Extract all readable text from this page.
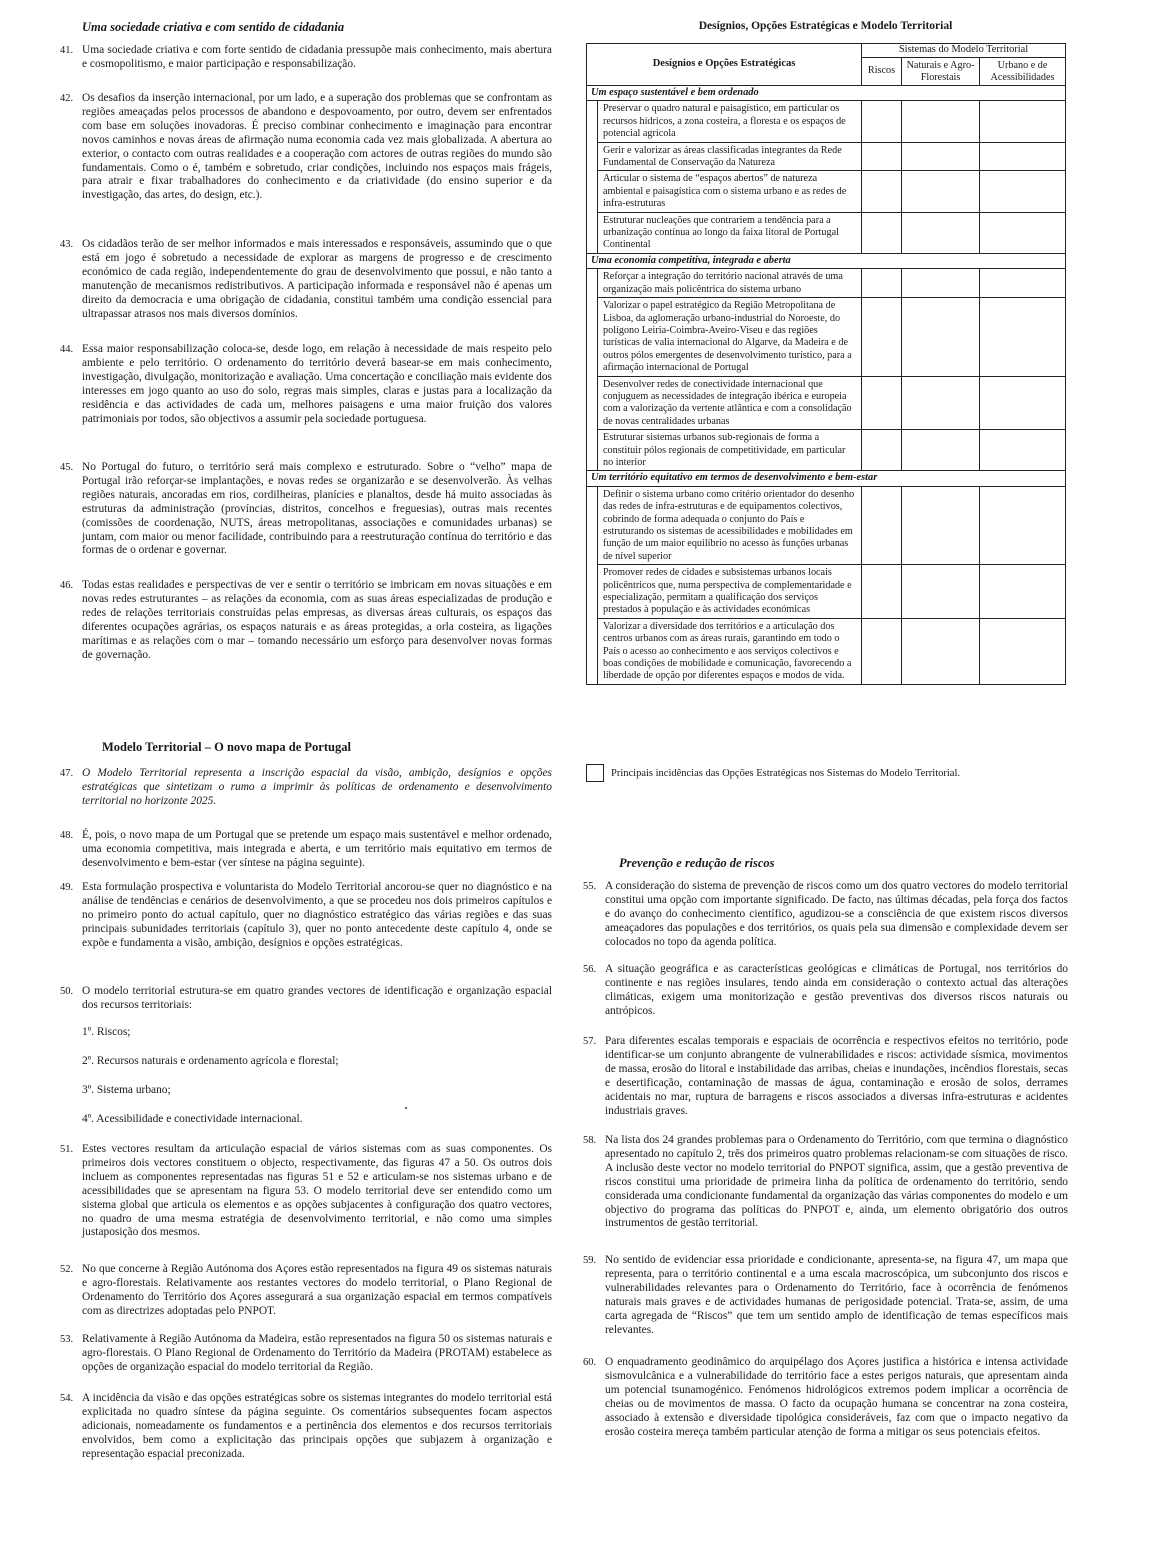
Uma sociedade criativa e com sentido de cidadania
41. Uma sociedade criativa e com forte sentido de cidadania pressupõe mais conhecimento, mais abertura e cosmopolitismo, e maior participação e responsabilização.
42. Os desafios da inserção internacional, por um lado, e a superação dos problemas que se confrontam as regiões ameaçadas pelos processos de abandono e despovoamento, por outro, devem ser enfrentados com base em soluções inovadoras. É preciso combinar conhecimento e imaginação para encontrar novos caminhos e novas áreas de afirmação numa economia cada vez mais globalizada. A abertura ao exterior, o contacto com outras realidades e a cooperação com actores de outras regiões do mundo são fundamentais. Como o é, também e sobretudo, criar condições, incluindo nos espaços mais frágeis, para atrair e fixar trabalhadores do conhecimento e da criatividade (do ensino superior e da investigação, das artes, do design, etc.).
43. Os cidadãos terão de ser melhor informados e mais interessados e responsáveis, assumindo que o que está em jogo é sobretudo a necessidade de explorar as margens de progresso e de crescimento económico de cada região, independentemente do grau de desenvolvimento que possui, e não tanto a manutenção de mecanismos redistributivos. A participação informada e responsável não é apenas um direito da democracia e uma obrigação de cidadania, constitui também uma condição essencial para ultrapassar atrasos nos mais diversos domínios.
44. Essa maior responsabilização coloca-se, desde logo, em relação à necessidade de mais respeito pelo ambiente e pelo território. O ordenamento do território deverá basear-se em mais conhecimento, investigação, divulgação, monitorização e avaliação. Uma concertação e conciliação mais evidente dos interesses em jogo quanto ao uso do solo, regras mais simples, claras e justas para a localização da residência e das actividades de cada um, melhores paisagens e uma maior fruição dos valores patrimoniais por todos, são objectivos a assumir pela sociedade portuguesa.
45. No Portugal do futuro, o território será mais complexo e estruturado. Sobre o “velho” mapa de Portugal irão reforçar-se implantações, e novas redes se organizarão e se desenvolverão. Às velhas regiões naturais, ancoradas em rios, cordilheiras, planícies e planaltos, desde há muito associadas às estruturas da administração (províncias, distritos, concelhos e freguesias), outras mais recentes (comissões de coordenação, NUTS, áreas metropolitanas, associações e comunidades urbanas) se juntam, com maior ou menor facilidade, contribuindo para a reestruturação contínua do território e das formas de o ordenar e governar.
46. Todas estas realidades e perspectivas de ver e sentir o território se imbricam em novas situações e em novas redes estruturantes – as relações da economia, com as suas áreas especializadas de produção e redes de relações territoriais construídas pelas empresas, as diversas áreas culturais, os espaços das diferentes ocupações agrárias, os espaços naturais e as áreas protegidas, a orla costeira, as ligações marítimas e as relações com o mar – tomando necessário um esforço para desenvolver novas formas de governação.
Modelo Territorial – O novo mapa de Portugal
47. O Modelo Territorial representa a inscrição espacial da visão, ambição, desígnios e opções estratégicas que sintetizam o rumo a imprimir às políticas de ordenamento e desenvolvimento territorial no horizonte 2025.
48. É, pois, o novo mapa de um Portugal que se pretende um espaço mais sustentável e melhor ordenado, uma economia competitiva, mais integrada e aberta, e um território mais equitativo em termos de desenvolvimento e bem-estar (ver síntese na página seguinte).
49. Esta formulação prospectiva e voluntarista do Modelo Territorial ancorou-se quer no diagnóstico e na análise de tendências e cenários de desenvolvimento, a que se procedeu nos dois primeiros capítulos e no primeiro ponto do actual capítulo, quer no diagnóstico estratégico das várias regiões e das suas principais subunidades territoriais (capítulo 3), quer no ponto antecedente deste capítulo 4, onde se expõe e fundamenta a visão, ambição, desígnios e opções estratégicas.
50. O modelo territorial estrutura-se em quatro grandes vectores de identificação e organização espacial dos recursos territoriais:
1º. Riscos;
2º. Recursos naturais e ordenamento agrícola e florestal;
3º. Sistema urbano;
4º. Acessibilidade e conectividade internacional.
51. Estes vectores resultam da articulação espacial de vários sistemas com as suas componentes. Os primeiros dois vectores constituem o objecto, respectivamente, das figuras 47 a 50. Os outros dois incluem as componentes representadas nas figuras 51 e 52 e articulam-se nos sistemas urbano e de acessibilidades que se apresentam na figura 53. O modelo territorial deve ser entendido como um sistema global que articula os elementos e as opções subjacentes à configuração dos quatro vectores, no quadro de uma mesma estratégia de desenvolvimento territorial, e não como uma simples justaposição dos mesmos.
52. No que concerne à Região Autónoma dos Açores estão representados na figura 49 os sistemas naturais e agro-florestais. Relativamente aos restantes vectores do modelo territorial, o Plano Regional de Ordenamento do Território dos Açores assegurará a sua organização espacial em termos compatíveis com as directrizes adoptadas pelo PNPOT.
53. Relativamente à Região Autónoma da Madeira, estão representados na figura 50 os sistemas naturais e agro-florestais. O Plano Regional de Ordenamento do Território da Madeira (PROTAM) estabelece as opções de organização espacial do modelo territorial da Região.
54. A incidência da visão e das opções estratégicas sobre os sistemas integrantes do modelo territorial está explicitada no quadro síntese da página seguinte. Os comentários subsequentes focam aspectos adicionais, nomeadamente os fundamentos e a pertinência dos elementos e dos recursos territoriais envolvidos, bem como a explicitação das principais opções que subjazem à organização e representação espacial preconizada.
Desígnios, Opções Estratégicas e Modelo Territorial
Desígnios e Opções Estratégicas		Sistemas do Modelo Territorial		
		Riscos	Naturais e Agro-Florestais	Urbano e de Acessibilidades
Um espaço sustentável e bem ordenado				
	Preservar o quadro natural e paisagístico, em particular os recursos hídricos, a zona costeira, a floresta e os espaços de potencial agrícola			
	Gerir e valorizar as áreas classificadas integrantes da Rede Fundamental de Conservação da Natureza			
	Articular o sistema de “espaços abertos” de natureza ambiental e paisagística com o sistema urbano e as redes de infra-estruturas			
	Estruturar nucleações que contrariem a tendência para a urbanização contínua ao longo da faixa litoral de Portugal Continental			
Uma economia competitiva, integrada e aberta				
	Reforçar a integração do território nacional através de uma organização mais policêntrica do sistema urbano			
	Valorizar o papel estratégico da Região Metropolitana de Lisboa, da aglomeração urbano-industrial do Noroeste, do polígono Leiria-Coimbra-Aveiro-Viseu e das regiões turísticas de valia internacional do Algarve, da Madeira e de outros pólos emergentes de desenvolvimento turístico, para a afirmação internacional de Portugal			
	Desenvolver redes de conectividade internacional que conjuguem as necessidades de integração ibérica e europeia com a valorização da vertente atlântica e com a consolidação de novas centralidades urbanas			
	Estruturar sistemas urbanos sub-regionais de forma a constituir pólos regionais de competitividade, em particular no interior			
Um território equitativo em termos de desenvolvimento e bem-estar				
	Definir o sistema urbano como critério orientador do desenho das redes de infra-estruturas e de equipamentos colectivos, cobrindo de forma adequada o conjunto do País e estruturando os sistemas de acessibilidades e mobilidades em função de um maior equilíbrio no acesso às funções urbanas de nível superior			
	Promover redes de cidades e subsistemas urbanos locais policêntricos que, numa perspectiva de complementaridade e especialização, permitam a qualificação dos serviços prestados à população e às actividades económicas			
	Valorizar a diversidade dos territórios e a articulação dos centros urbanos com as áreas rurais, garantindo em todo o País o acesso ao conhecimento e aos serviços colectivos e boas condições de mobilidade e comunicação, favorecendo a liberdade de opção por diferentes espaços e modos de vida.			
Principais incidências das Opções Estratégicas nos Sistemas do Modelo Territorial.
Prevenção e redução de riscos
55. A consideração do sistema de prevenção de riscos como um dos quatro vectores do modelo territorial constitui uma opção com importante significado. De facto, nas últimas décadas, pela força dos factos e do avanço do conhecimento científico, agudizou-se a consciência de que existem riscos diversos ameaçadores das populações e dos territórios, os quais pela sua dimensão e complexidade devem ser colocados no topo da agenda política.
56. A situação geográfica e as características geológicas e climáticas de Portugal, nos territórios do continente e nas regiões insulares, tendo ainda em consideração o contexto actual das alterações climáticas, exigem uma monitorização e gestão preventivas dos diversos riscos naturais ou antrópicos.
57. Para diferentes escalas temporais e espaciais de ocorrência e respectivos efeitos no território, pode identificar-se um conjunto abrangente de vulnerabilidades e riscos: actividade sísmica, movimentos de massa, erosão do litoral e instabilidade das arribas, cheias e inundações, incêndios florestais, secas e desertificação, contaminação de massas de água, contaminação e erosão de solos, derrames acidentais no mar, ruptura de barragens e riscos associados a diversas infra-estruturas e acidentes industriais graves.
58. Na lista dos 24 grandes problemas para o Ordenamento do Território, com que termina o diagnóstico apresentado no capítulo 2, três dos primeiros quatro problemas relacionam-se com situações de risco. A inclusão deste vector no modelo territorial do PNPOT significa, assim, que a gestão preventiva de riscos constitui uma prioridade de primeira linha da política de ordenamento do território, sendo considerada uma condicionante fundamental da organização das várias componentes do modelo e um objectivo do programa das políticas do PNPOT e, ainda, um elemento obrigatório dos outros instrumentos de gestão territorial.
59. No sentido de evidenciar essa prioridade e condicionante, apresenta-se, na figura 47, um mapa que representa, para o território continental e a uma escala macroscópica, um subconjunto dos riscos e vulnerabilidades relevantes para o Ordenamento do Território, face à ocorrência de fenómenos naturais mais graves e de actividades humanas de perigosidade potencial. Trata-se, assim, de uma carta agregada de “Riscos” que tem um sentido amplo de identificação de temas específicos mais relevantes.
60. O enquadramento geodinâmico do arquipélago dos Açores justifica a histórica e intensa actividade sismovulcânica e a vulnerabilidade do território face a estes perigos naturais, que apresentam ainda um potencial tsunamogénico. Fenómenos hidrológicos extremos podem implicar a ocorrência de cheias ou de movimentos de massa. O facto da ocupação humana se concentrar na zona costeira, associado à extensão e diversidade tipológica consideráveis, faz com que o impacto negativo da erosão costeira mereça também particular atenção de forma a mitigar os seus potenciais efeitos.
